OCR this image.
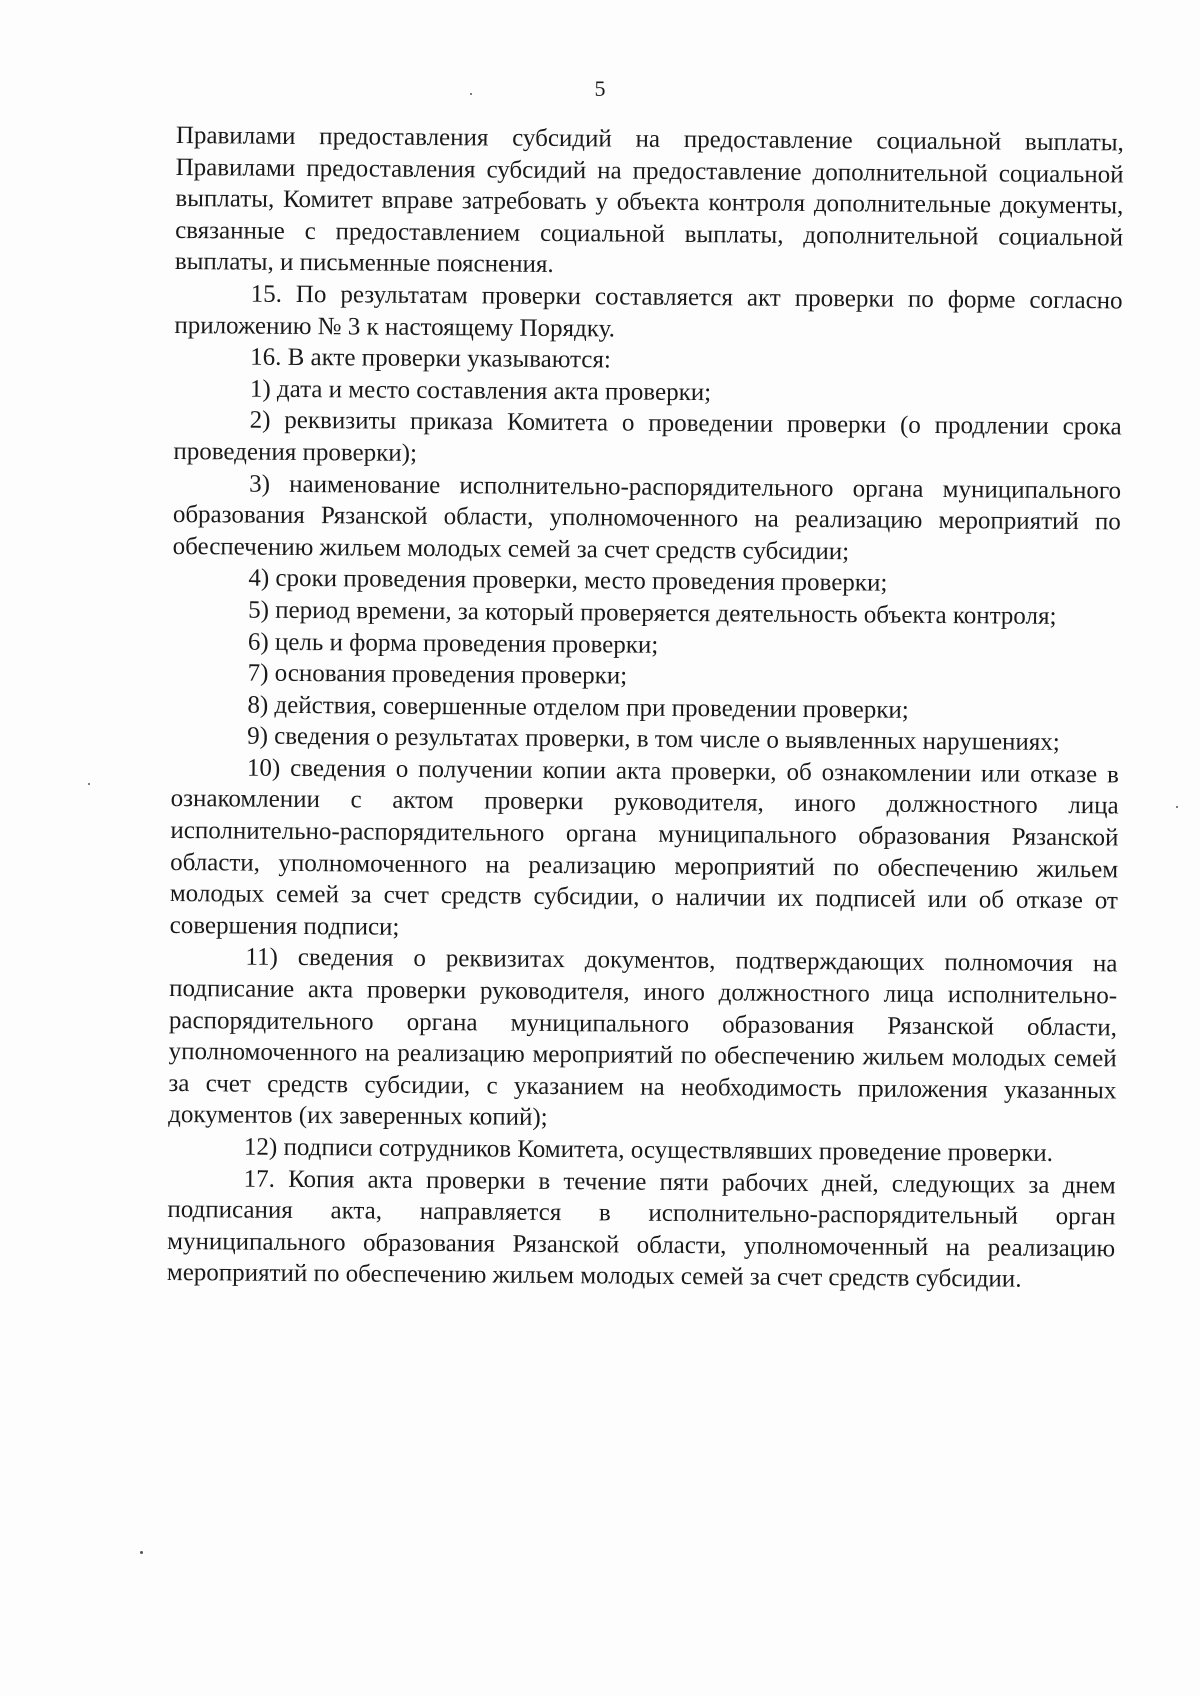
5

Правилами предоставления субсидий на предоставление социальной выплаты, Правилами предоставления субсидий на предоставление дополнительной социальной выплаты, Комитет вправе затребовать у объекта контроля дополнительные документы, связанные с предоставлением социальной выплаты, дополнительной социальной выплаты, и письменные пояснения.

15. По результатам проверки составляется акт проверки по форме согласно приложению № 3 к настоящему Порядку.

16. В акте проверки указываются:

1) дата и место составления акта проверки;

2) реквизиты приказа Комитета о проведении проверки (о продлении срока проведения проверки);

3) наименование исполнительно-распорядительного органа муниципального образования Рязанской области, уполномоченного на реализацию мероприятий по обеспечению жильем молодых семей за счет средств субсидии;

4) сроки проведения проверки, место проведения проверки;

5) период времени, за который проверяется деятельность объекта контроля;

6) цель и форма проведения проверки;

7) основания проведения проверки;

8) действия, совершенные отделом при проведении проверки;

9) сведения о результатах проверки, в том числе о выявленных нарушениях;

10) сведения о получении копии акта проверки, об ознакомлении или отказе в ознакомлении с актом проверки руководителя, иного должностного лица исполнительно-распорядительного органа муниципального образования Рязанской области, уполномоченного на реализацию мероприятий по обеспечению жильем молодых семей за счет средств субсидии, о наличии их подписей или об отказе от совершения подписи;

11) сведения о реквизитах документов, подтверждающих полномочия на подписание акта проверки руководителя, иного должностного лица исполнительно-распорядительного органа муниципального образования Рязанской области, уполномоченного на реализацию мероприятий по обеспечению жильем молодых семей за счет средств субсидии, с указанием на необходимость приложения указанных документов (их заверенных копий);

12) подписи сотрудников Комитета, осуществлявших проведение проверки.

17. Копия акта проверки в течение пяти рабочих дней, следующих за днем подписания акта, направляется в исполнительно-распорядительный орган муниципального образования Рязанской области, уполномоченный на реализацию мероприятий по обеспечению жильем молодых семей за счет средств субсидии.
